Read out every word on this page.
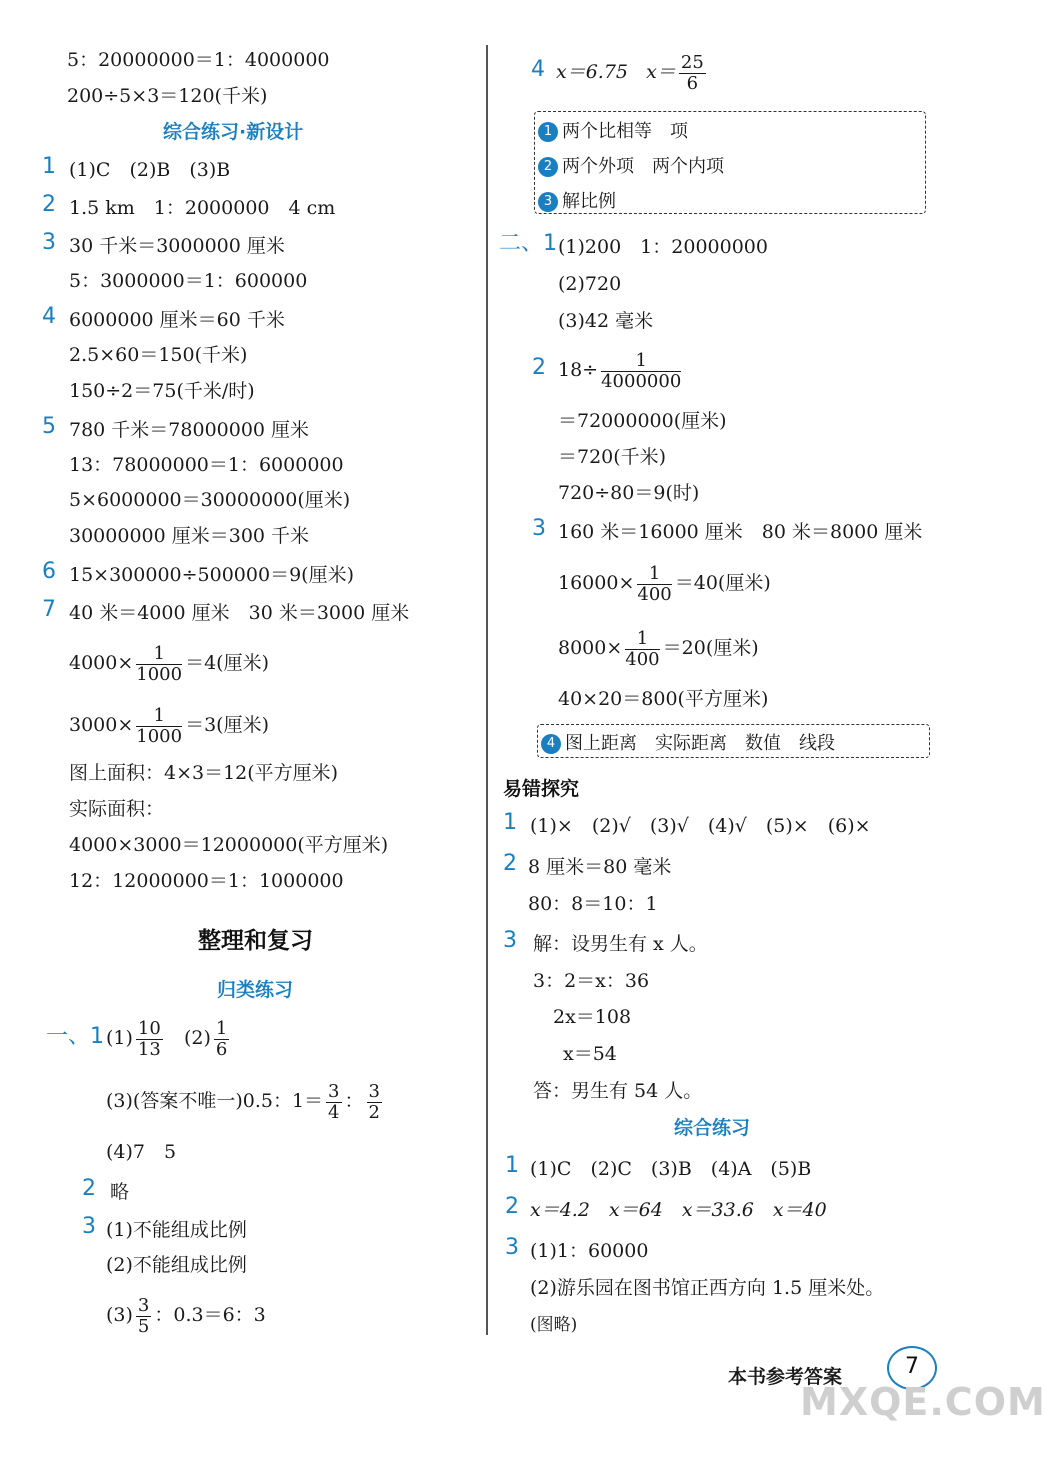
5：20000000＝1：4000000
200÷5×3＝120(千米)
综合练习·新设计
1 (1)C　(2)B　(3)B
2 1.5 km　1：2000000　4 cm
3 30 千米＝3000000 厘米
5：3000000＝1：600000
4 6000000 厘米＝60 千米
2.5×60＝150(千米)
150÷2＝75(千米/时)
5 780 千米＝78000000 厘米
13：78000000＝1：6000000
5×6000000＝30000000(厘米)
30000000 厘米＝300 千米
6 15×300000÷500000＝9(厘米)
7 40 米＝4000 厘米　30 米＝3000 厘米
$4000\times \frac{1}{1000} =4$(厘米)
$3000\times \frac{1}{1000} =3$(厘米)
图上面积：4×3＝12(平方厘米)
实际面积：
4000×3000＝12000000(平方厘米)
12：12000000＝1：1000000
整理和复习
归类练习
一、1 $(1) \frac{10}{13} (2) \frac{1}{6}$
(3)(答案不唯一)0.5：$1= \frac{3}{4}$ ： $\frac{3}{2}$
(4)7　5
2 略
3 (1)不能组成比例
(2)不能组成比例
$(3) \frac{3}{5}$ ：0.3＝6：3
4 x＝6.75 $x= \frac{25}{6}$
1 两个比相等　项
2 两个外项　两个内项
3 解比例
二、1 (1)200　1：20000000
(2)720
(3)42 毫米
2 $18\div \frac{1}{4000000}$
＝72000000(厘米)
＝720(千米)
720÷80＝9(时)
3 160 米＝16000 厘米　80 米＝8000 厘米
$16000\times \frac{1}{400} =40$(厘米)
$8000\times \frac{1}{400} =20$(厘米)
40×20＝800(平方厘米)
4 图上距离　实际距离　数值　线段
易错探究
1 (1)×　(2)√　(3)√　(4)√　(5)×　(6)×
2 8 厘米＝80 毫米
80：8＝10：1
3 解：设男生有 x 人。
3：2＝x：36
2x＝108
x＝54
答：男生有 54 人。
综合练习
1 (1)C　(2)C　(3)B　(4)A　(5)B
2 x＝4.2　x＝64　x＝33.6　x＝40
3 (1)1：60000
(2)游乐园在图书馆正西方向 1.5 厘米处。
(图略)
本书参考答案	7
MXQE.COM
